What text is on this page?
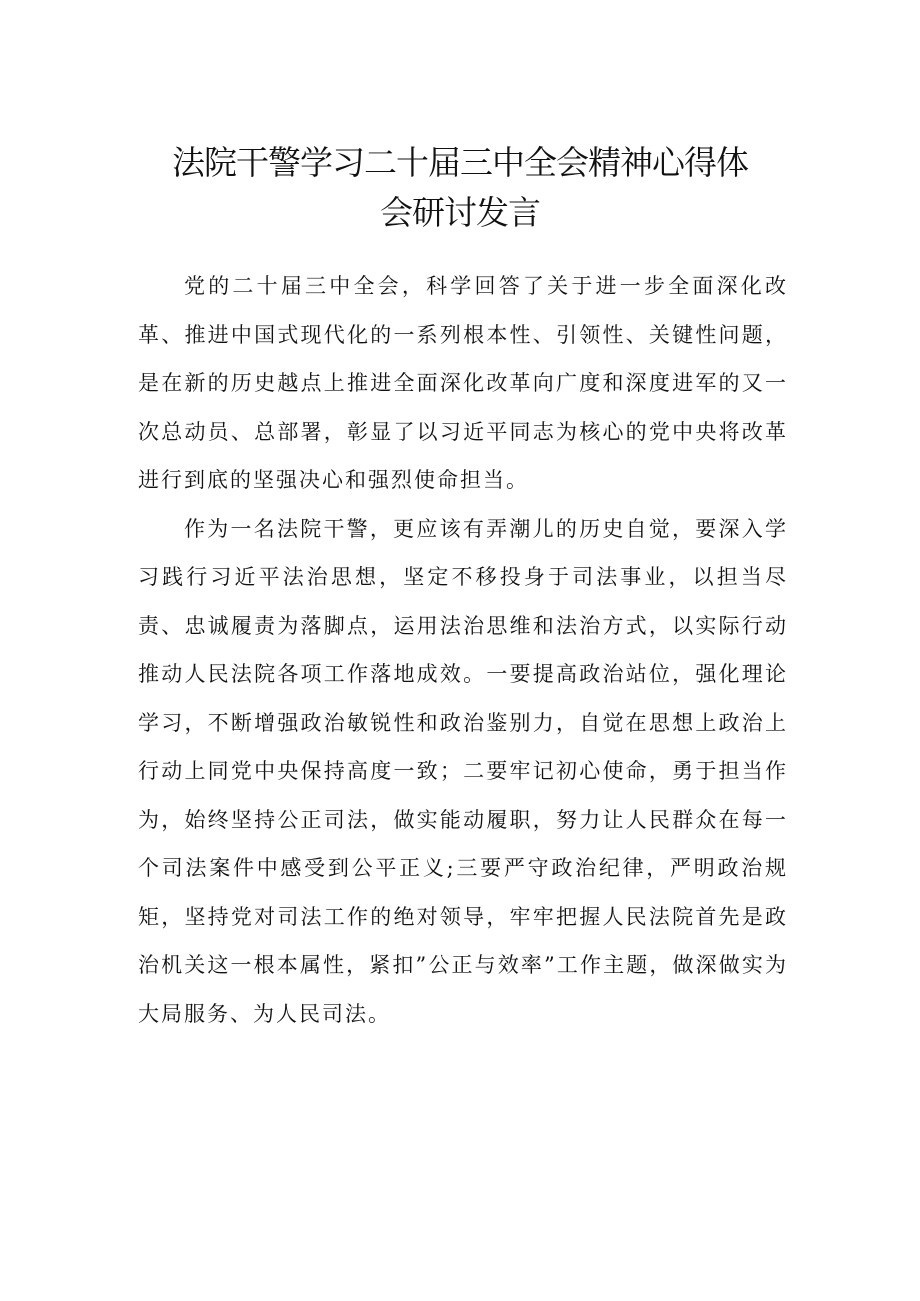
法院干警学习二十届三中全会精神心得体
会研讨发言

党的二十届三中全会，科学回答了关于进一步全面深化改革、推进中国式现代化的一系列根本性、引领性、关键性问题，是在新的历史越点上推进全面深化改革向广度和深度进军的又一次总动员、总部署，彰显了以习近平同志为核心的党中央将改革进行到底的坚强决心和强烈使命担当。

作为一名法院干警，更应该有弄潮儿的历史自觉，要深入学习践行习近平法治思想，坚定不移投身于司法事业，以担当尽责、忠诚履责为落脚点，运用法治思维和法治方式，以实际行动推动人民法院各项工作落地成效。一要提高政治站位，强化理论学习，不断增强政治敏锐性和政治鉴别力，自觉在思想上政治上行动上同党中央保持高度一致；二要牢记初心使命，勇于担当作为，始终坚持公正司法，做实能动履职，努力让人民群众在每一个司法案件中感受到公平正义;三要严守政治纪律，严明政治规矩，坚持党对司法工作的绝对领导，牢牢把握人民法院首先是政治机关这一根本属性，紧扣”公正与效率”工作主题，做深做实为大局服务、为人民司法。
